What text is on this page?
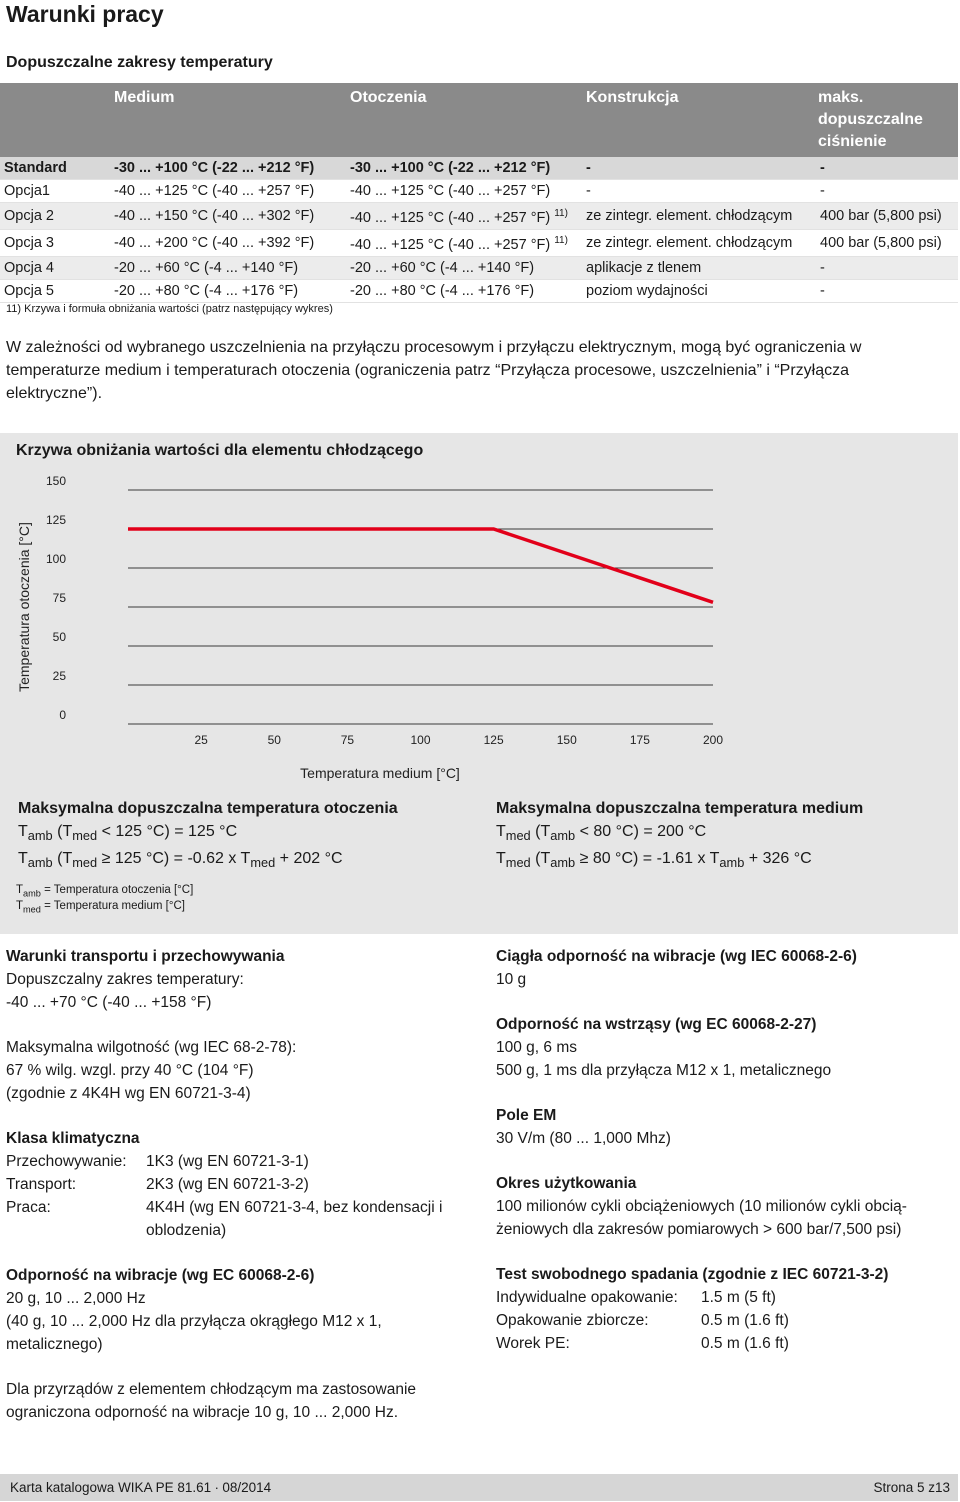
Warunki pracy
Dopuszczalne zakresy temperatury
	Medium	Otoczenia	Konstrukcja	maks.
dopuszczalne
ciśnienie

Standard	-30 ... +100 °C (-22 ... +212 °F)	-30 ... +100 °C (-22 ... +212 °F)	-	-
Opcja1	-40 ... +125 °C (-40 ... +257 °F)	-40 ... +125 °C (-40 ... +257 °F)	-	-
Opcja 2	-40 ... +150 °C (-40 ... +302 °F)	-40 ... +125 °C (-40 ... +257 °F) $^{11)}$	ze zintegr. element. chłodzącym	400 bar (5,800 psi)
Opcja 3	-40 ... +200 °C (-40 ... +392 °F)	-40 ... +125 °C (-40 ... +257 °F) $^{11)}$	ze zintegr. element. chłodzącym	400 bar (5,800 psi)
Opcja 4	-20 ... +60 °C (-4 ... +140 °F)	-20 ... +60 °C (-4 ... +140 °F)	aplikacje z tlenem	-
Opcja 5	-20 ... +80 °C (-4 ... +176 °F)	-20 ... +80 °C (-4 ... +176 °F)	poziom wydajności	-
11) Krzywa i formuła obniżania wartości (patrz następujący wykres)
W zależności od wybranego uszczelnienia na przyłączu procesowym i przyłączu elektrycznym, mogą być ograniczenia w temperaturze medium i temperaturach otoczenia (ograniczenia patrz “Przyłącza procesowe, uszczelnienia” i “Przyłącza elektryczne”).
Krzywa obniżania wartości dla elementu chłodzącego
0
25
50
75
100
125
150
25	50	75	100	125	150	175	200
Temperatura otoczenia [°C]
Temperatura medium [°C]
Maksymalna dopuszczalna temperatura otoczenia
$T_{amb}$ ($T_{med} < 125$ °C) = 125 °C
$T_{amb}$ ($T_{med} \ge 125$ °C) = -0.62 x $T_{med} + 202$ °C
Maksymalna dopuszczalna temperatura medium
$T_{med}$ ($T_{amb} < 80$ °C) = 200 °C
$T_{med}$ ($T_{amb} \ge 80$ °C) = -1.61 x $T_{amb} + 326$ °C
$T_{amb}$ = Temperatura otoczenia [°C]
$T_{med}$ = Temperatura medium [°C]
Warunki transportu i przechowywania
Dopuszczalny zakres temperatury:
-40 ... +70 °C (-40 ... +158 °F)
Maksymalna wilgotność (wg IEC 68-2-78):
67 % wilg. wzgl. przy 40 °C (104 °F)
(zgodnie z 4K4H wg EN 60721-3-4)
Klasa klimatyczna
Przechowywanie:	1K3 (wg EN 60721-3-1)
Transport:	2K3 (wg EN 60721-3-2)
Praca:	4K4H (wg EN 60721-3-4, bez kondensacji i oblodzenia)
Odporność na wibracje (wg EC 60068-2-6)
20 g, 10 ... 2,000 Hz
(40 g, 10 ... 2,000 Hz dla przyłącza okrągłego M12 x 1, metalicznego)
Dla przyrządów z elementem chłodzącym ma zastosowanie ograniczona odporność na wibracje 10 g, 10 ... 2,000 Hz.
Ciągła odporność na wibracje (wg IEC 60068-2-6)
10 g
Odporność na wstrząsy (wg EC 60068-2-27)
100 g, 6 ms
500 g, 1 ms dla przyłącza M12 x 1, metalicznego
Pole EM
30 V/m (80 ... 1,000 Mhz)
Okres użytkowania
100 milionów cykli obciążeniowych (10 milionów cykli obcią-żeniowych dla zakresów pomiarowych > 600 bar/7,500 psi)
Test swobodnego spadania (zgodnie z IEC 60721-3-2)
Indywidualne opakowanie:	1.5 m (5 ft)
Opakowanie zbiorcze:	0.5 m (1.6 ft)
Worek PE:	0.5 m (1.6 ft)
Karta katalogowa WIKA PE 81.61 ∙ 08/2014	Strona 5 z13
